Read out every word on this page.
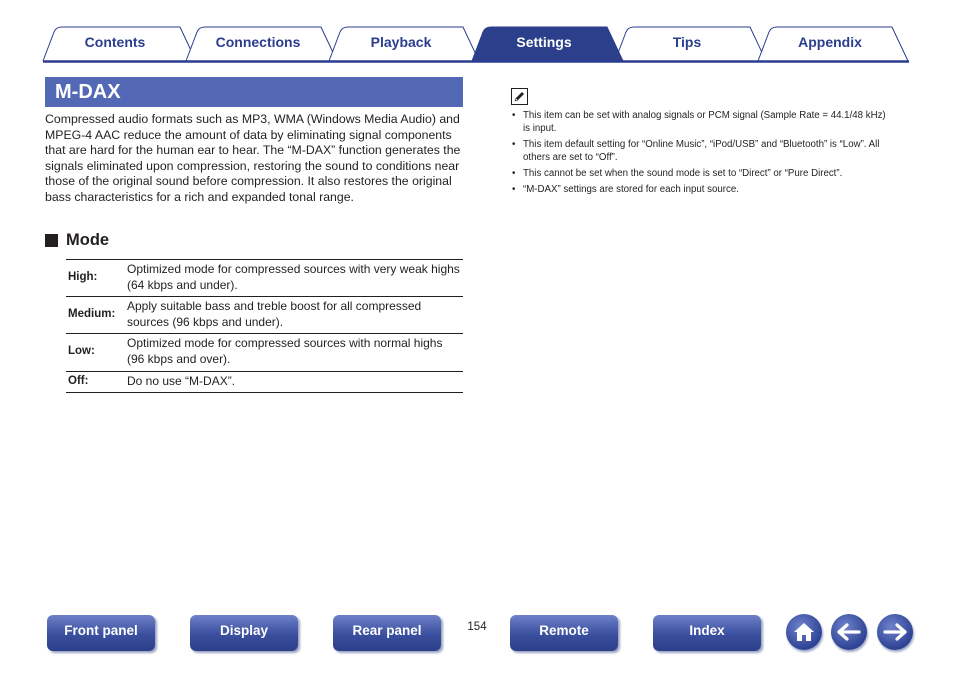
Contents	Connections	Playback	Settings	Tips	Appendix
M-DAX

Compressed audio formats such as MP3, WMA (Windows Media Audio) and MPEG-4 AAC reduce the amount of data by eliminating signal components that are hard for the human ear to hear. The “M-DAX” function generates the signals eliminated upon compression, restoring the sound to conditions near those of the original sound before compression. It also restores the original bass characteristics for a rich and expanded tonal range.

Mode
High:	Optimized mode for compressed sources with very weak highs (64 kbps and under).
Medium:	Apply suitable bass and treble boost for all compressed sources (96 kbps and under).
Low:	Optimized mode for compressed sources with normal highs (96 kbps and over).
Off:	Do no use “M-DAX”.
• This item can be set with analog signals or PCM signal (Sample Rate = 44.1/48 kHz) is input.
• This item default setting for “Online Music”, “iPod/USB” and “Bluetooth” is “Low”. All others are set to “Off”.
• This cannot be set when the sound mode is set to “Direct” or “Pure Direct”.
• “M-DAX” settings are stored for each input source.
Front panel	Display	Rear panel	154	Remote	Index
